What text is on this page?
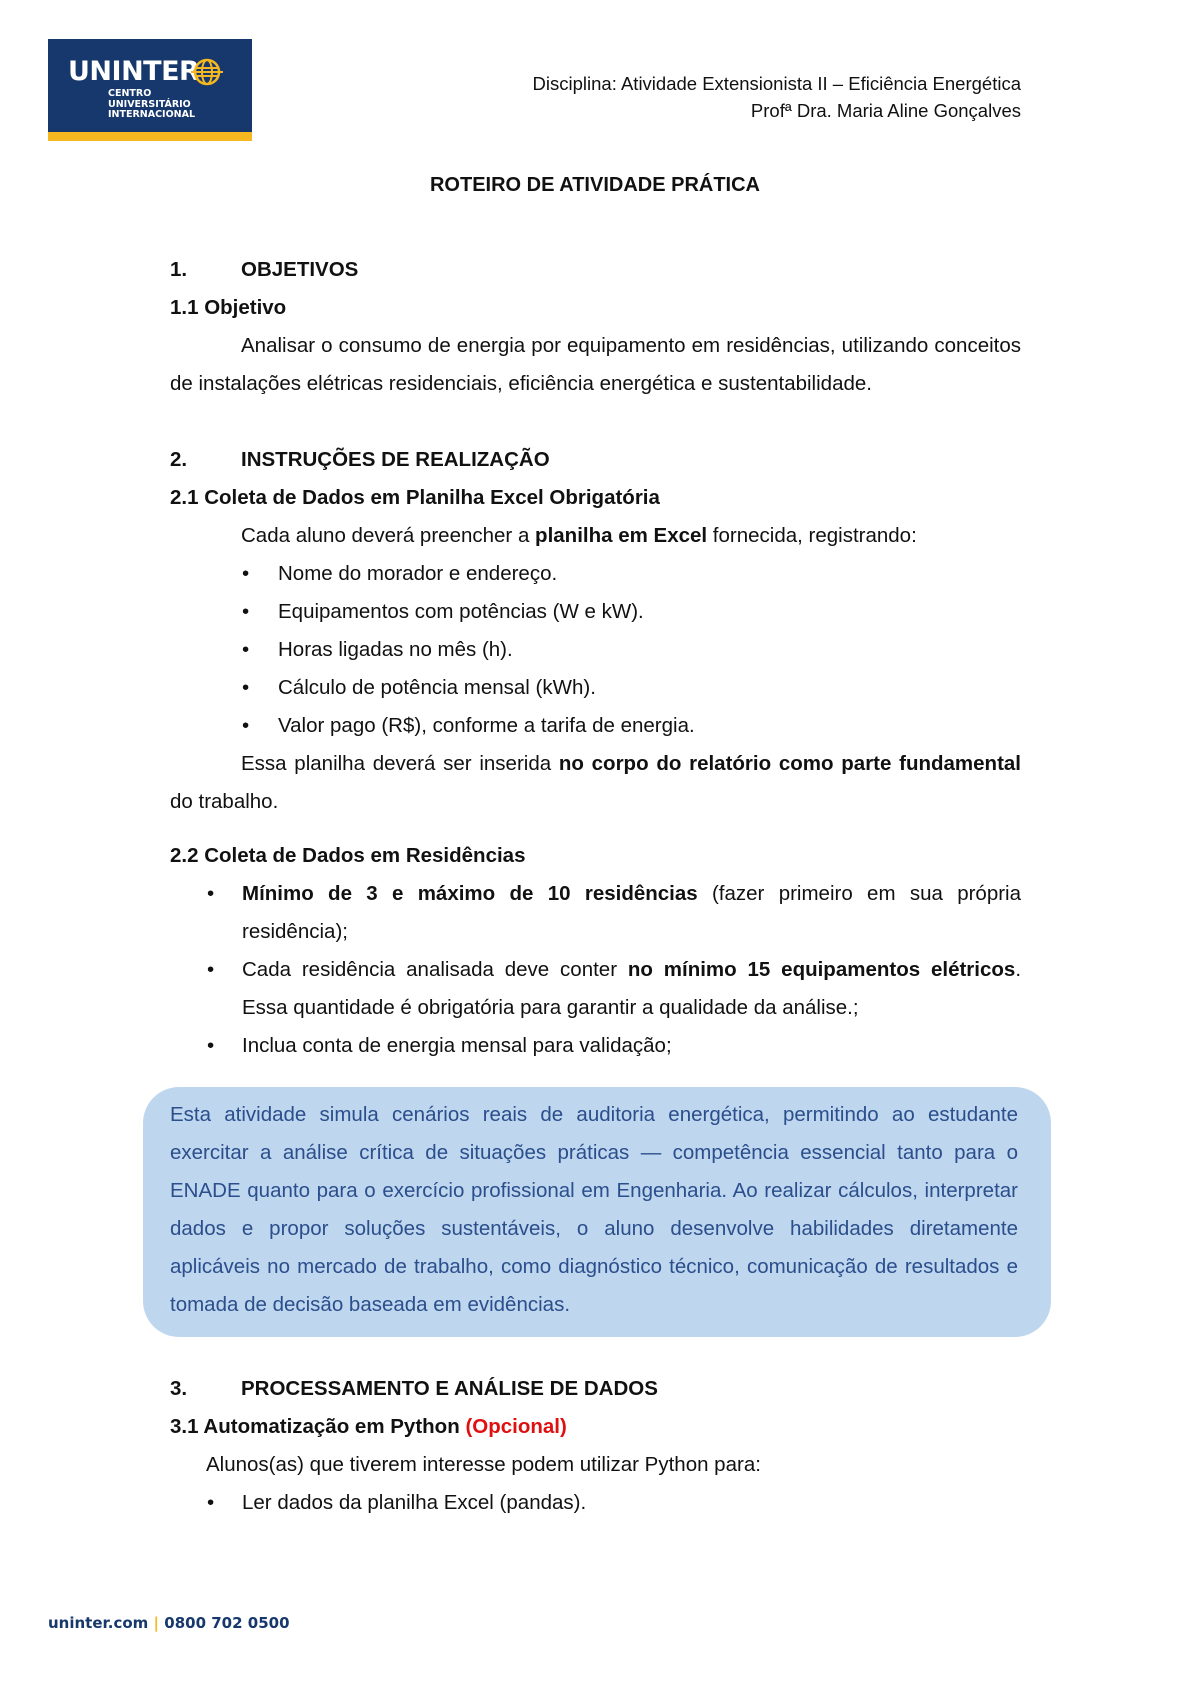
UNINTER
CENTRO
UNIVERSITÁRIO
INTERNACIONAL
Disciplina: Atividade Extensionista II – Eficiência Energética
Profª Dra. Maria Aline Gonçalves
ROTEIRO DE ATIVIDADE PRÁTICA

1.	OBJETIVOS

1.1 Objetivo

Analisar o consumo de energia por equipamento em residências, utilizando conceitos de instalações elétricas residenciais, eficiência energética e sustentabilidade.

2.	INSTRUÇÕES DE REALIZAÇÃO

2.1 Coleta de Dados em Planilha Excel Obrigatória

Cada aluno deverá preencher a planilha em Excel fornecida, registrando:

• Nome do morador e endereço.
• Equipamentos com potências (W e kW).
• Horas ligadas no mês (h).
• Cálculo de potência mensal (kWh).
• Valor pago (R$), conforme a tarifa de energia.

Essa planilha deverá ser inserida no corpo do relatório como parte fundamental do trabalho.

2.2 Coleta de Dados em Residências

• Mínimo de 3 e máximo de 10 residências (fazer primeiro em sua própria residência);
• Cada residência analisada deve conter no mínimo 15 equipamentos elétricos. Essa quantidade é obrigatória para garantir a qualidade da análise.;
• Inclua conta de energia mensal para validação;
Esta atividade simula cenários reais de auditoria energética, permitindo ao estudante exercitar a análise crítica de situações práticas — competência essencial tanto para o ENADE quanto para o exercício profissional em Engenharia. Ao realizar cálculos, interpretar dados e propor soluções sustentáveis, o aluno desenvolve habilidades diretamente aplicáveis no mercado de trabalho, como diagnóstico técnico, comunicação de resultados e tomada de decisão baseada em evidências.

3.	PROCESSAMENTO E ANÁLISE DE DADOS

3.1 Automatização em Python (Opcional)

Alunos(as) que tiverem interesse podem utilizar Python para:

• Ler dados da planilha Excel (pandas).
uninter.com | 0800 702 0500
